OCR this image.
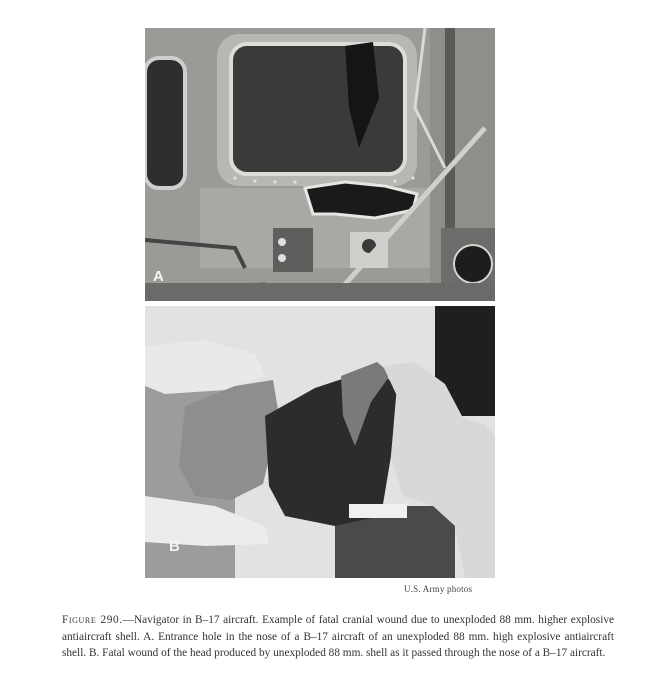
A
B
U.S. Army photos

Figure 290.—Navigator in B–17 aircraft. Example of fatal cranial wound due to unexploded 88 mm. higher explosive antiaircraft shell. A. Entrance hole in the nose of a B–17 aircraft of an unexploded 88 mm. high explosive antiaircraft shell. B. Fatal wound of the head produced by unexploded 88 mm. shell as it passed through the nose of a B–17 aircraft.
